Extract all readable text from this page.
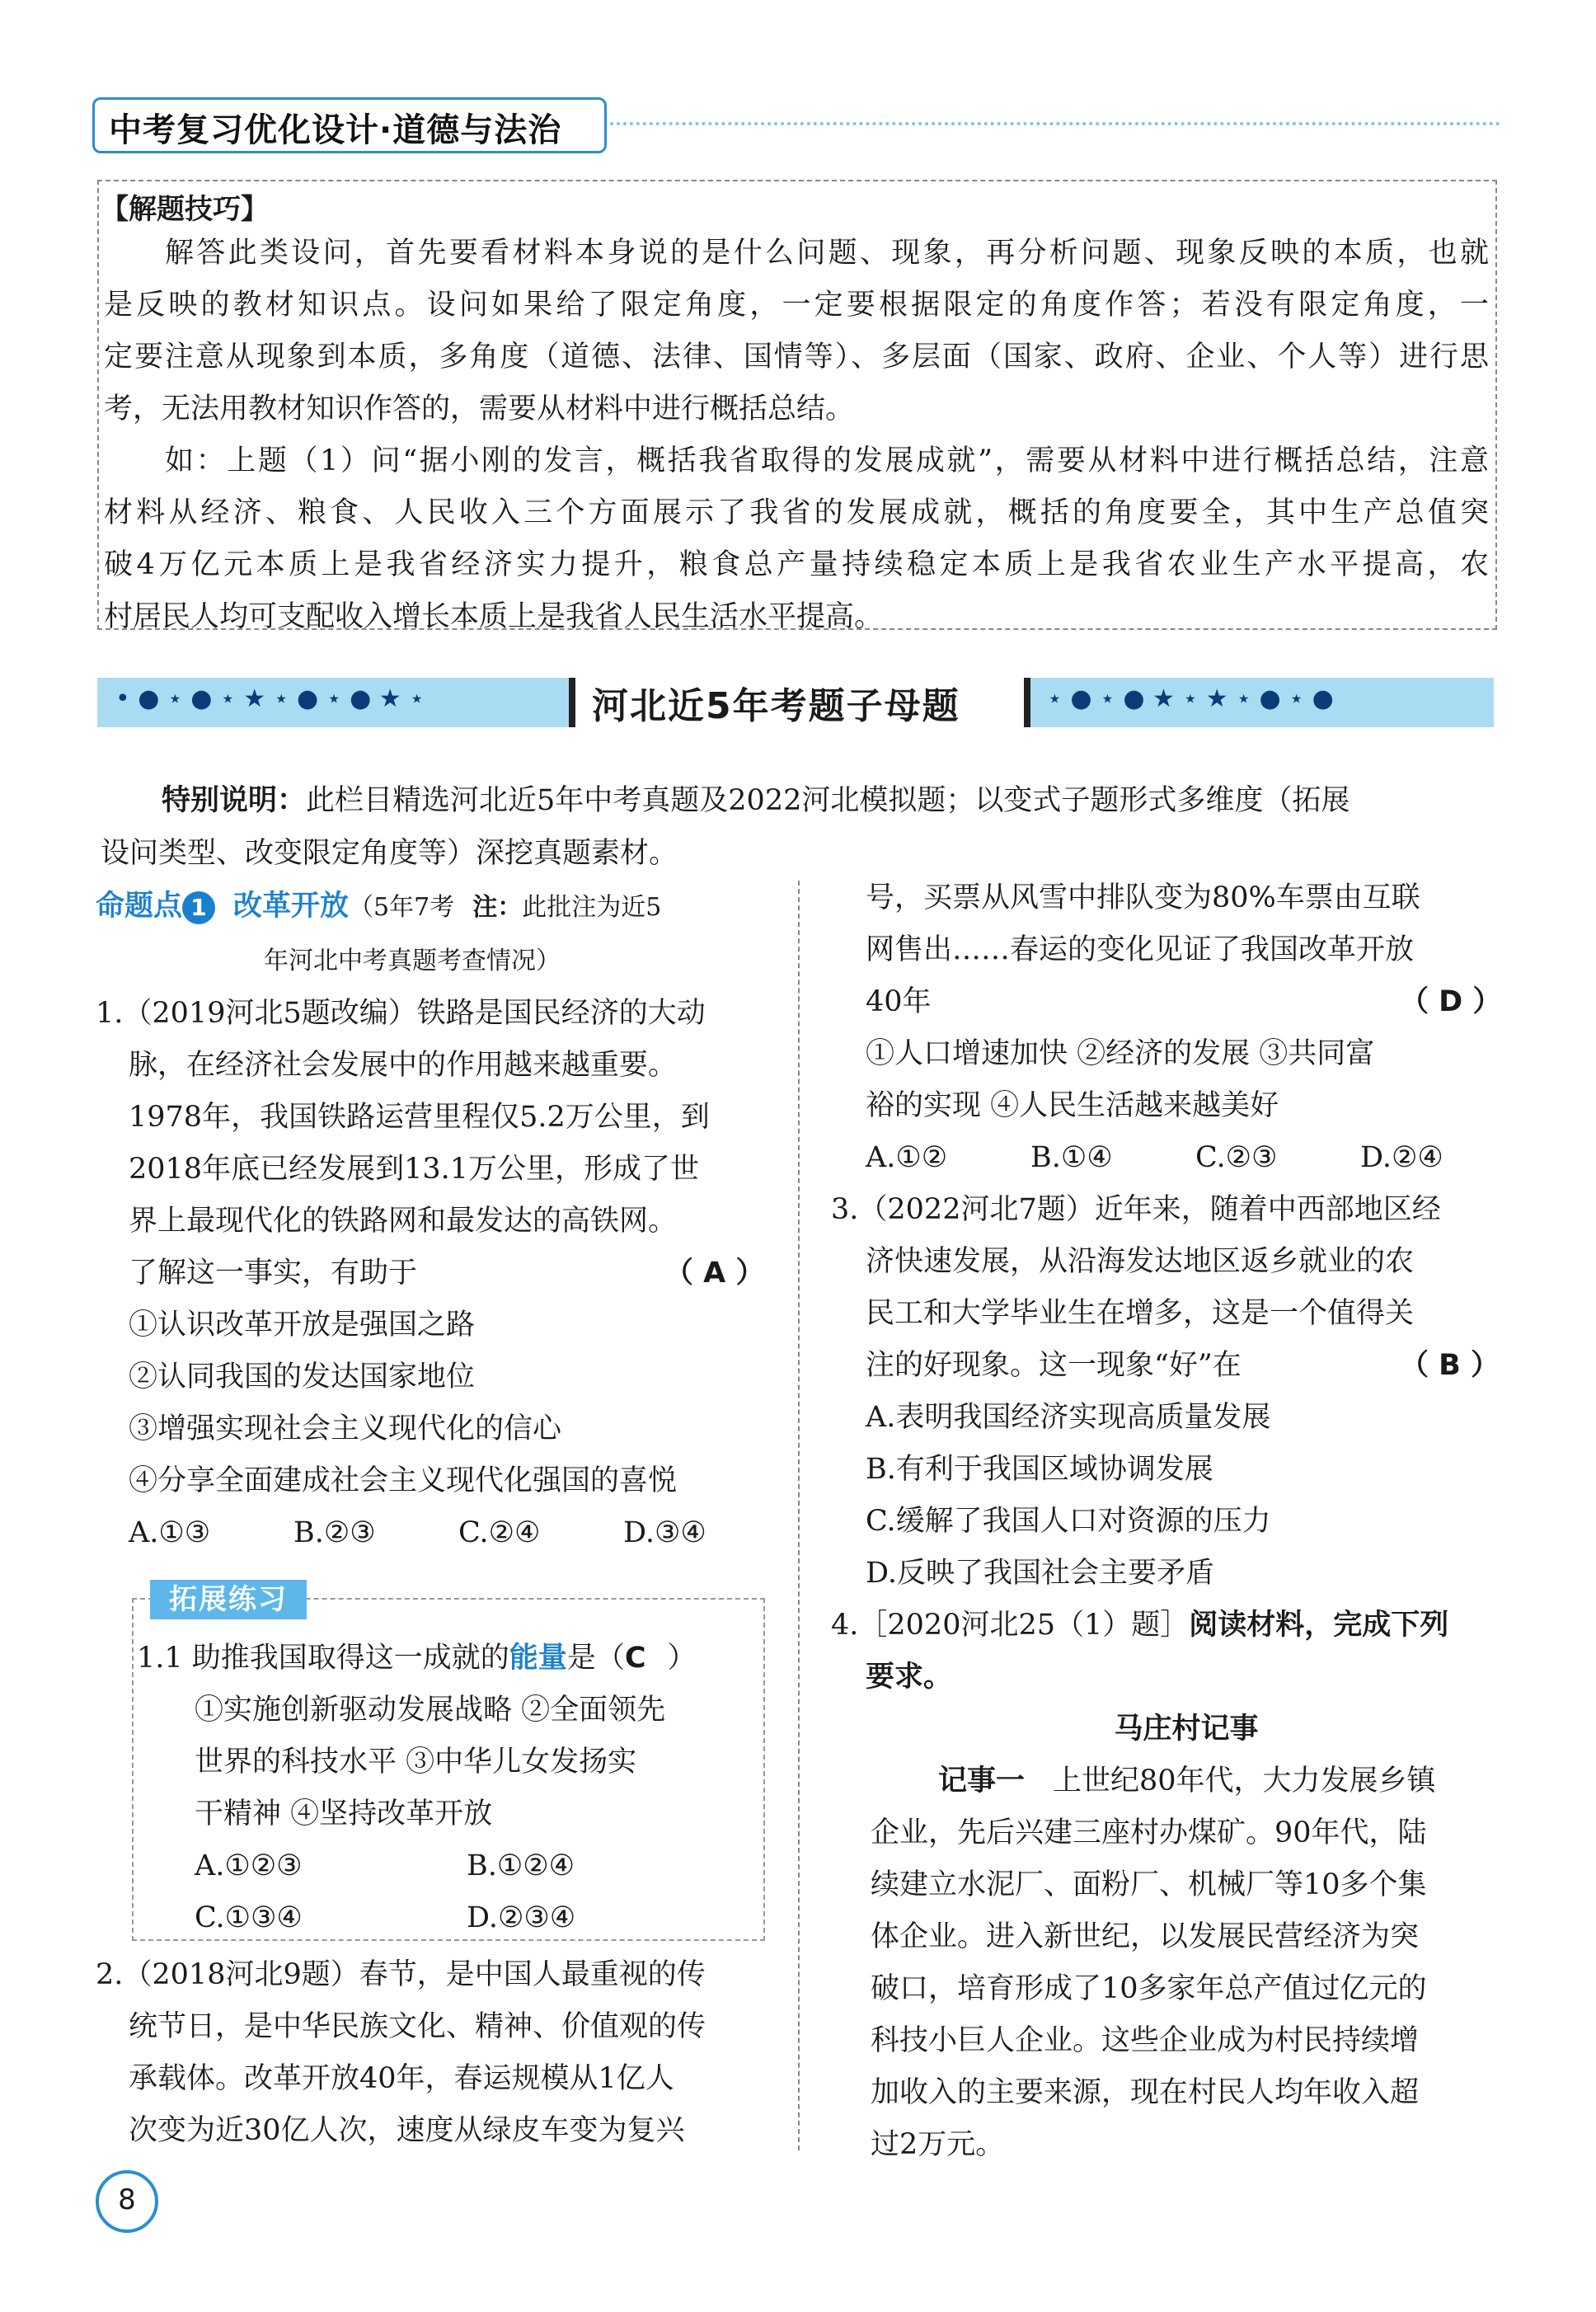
中考复习优化设计·道德与法治
【解题技巧】
解答此类设问，首先要看材料本身说的是什么问题、现象，再分析问题、现象反映的本质，也就
是反映的教材知识点。设问如果给了限定角度，一定要根据限定的角度作答；若没有限定角度，一
定要注意从现象到本质，多角度（道德、法律、国情等）、多层面（国家、政府、企业、个人等）进行思
考，无法用教材知识作答的，需要从材料中进行概括总结。
如：上题（1）问“据小刚的发言，概括我省取得的发展成就”，需要从材料中进行概括总结，注意
材料从经济、粮食、人民收入三个方面展示了我省的发展成就，概括的角度要全，其中生产总值突
破4万亿元本质上是我省经济实力提升，粮食总产量持续稳定本质上是我省农业生产水平提高，农
村居民人均可支配收入增长本质上是我省人民生活水平提高。
• ● ⋆ ● ⋆ ★ ⋆ ● ⋆ ● ★ ⋆	⋆ ● ⋆ ● ★ ⋆ ★ ⋆ ● ⋆ ●
河北近5年考题子母题
特别说明：此栏目精选河北近5年中考真题及2022河北模拟题；以变式子题形式多维度（拓展
设问类型、改变限定角度等）深挖真题素材。
命题点 1 改革开放（5年7考 注：此批注为近5
年河北中考真题考查情况）
1.（2019河北5题改编）铁路是国民经济的大动
脉，在经济社会发展中的作用越来越重要。
1978年，我国铁路运营里程仅5.2万公里，到
2018年底已经发展到13.1万公里，形成了世
界上最现代化的铁路网和最发达的高铁网。
了解这一事实，有助于	（ A ）
①认识改革开放是强国之路
②认同我国的发达国家地位
③增强实现社会主义现代化的信心
④分享全面建成社会主义现代化强国的喜悦
A.①③	B.②③	C.②④	D.③④
拓展练习
1.1 助推我国取得这一成就的能量是（C ）
①实施创新驱动发展战略 ②全面领先
世界的科技水平 ③中华儿女发扬实
干精神 ④坚持改革开放
A.①②③	B.①②④
C.①③④	D.②③④
2.（2018河北9题）春节，是中国人最重视的传
统节日，是中华民族文化、精神、价值观的传
承载体。改革开放40年，春运规模从1亿人
次变为近30亿人次，速度从绿皮车变为复兴
号，买票从风雪中排队变为80%车票由互联
网售出……春运的变化见证了我国改革开放
40年	（ D ）
①人口增速加快 ②经济的发展 ③共同富
裕的实现 ④人民生活越来越美好
A.①②	B.①④	C.②③	D.②④
3.（2022河北7题）近年来，随着中西部地区经
济快速发展，从沿海发达地区返乡就业的农
民工和大学毕业生在增多，这是一个值得关
注的好现象。这一现象“好”在	（ B ）
A.表明我国经济实现高质量发展
B.有利于我国区域协调发展
C.缓解了我国人口对资源的压力
D.反映了我国社会主要矛盾
4.［2020河北25（1）题］阅读材料，完成下列
要求。
马庄村记事
记事一 上世纪80年代，大力发展乡镇
企业，先后兴建三座村办煤矿。90年代，陆
续建立水泥厂、面粉厂、机械厂等10多个集
体企业。进入新世纪，以发展民营经济为突
破口，培育形成了10多家年总产值过亿元的
科技小巨人企业。这些企业成为村民持续增
加收入的主要来源，现在村民人均年收入超
过2万元。
8
